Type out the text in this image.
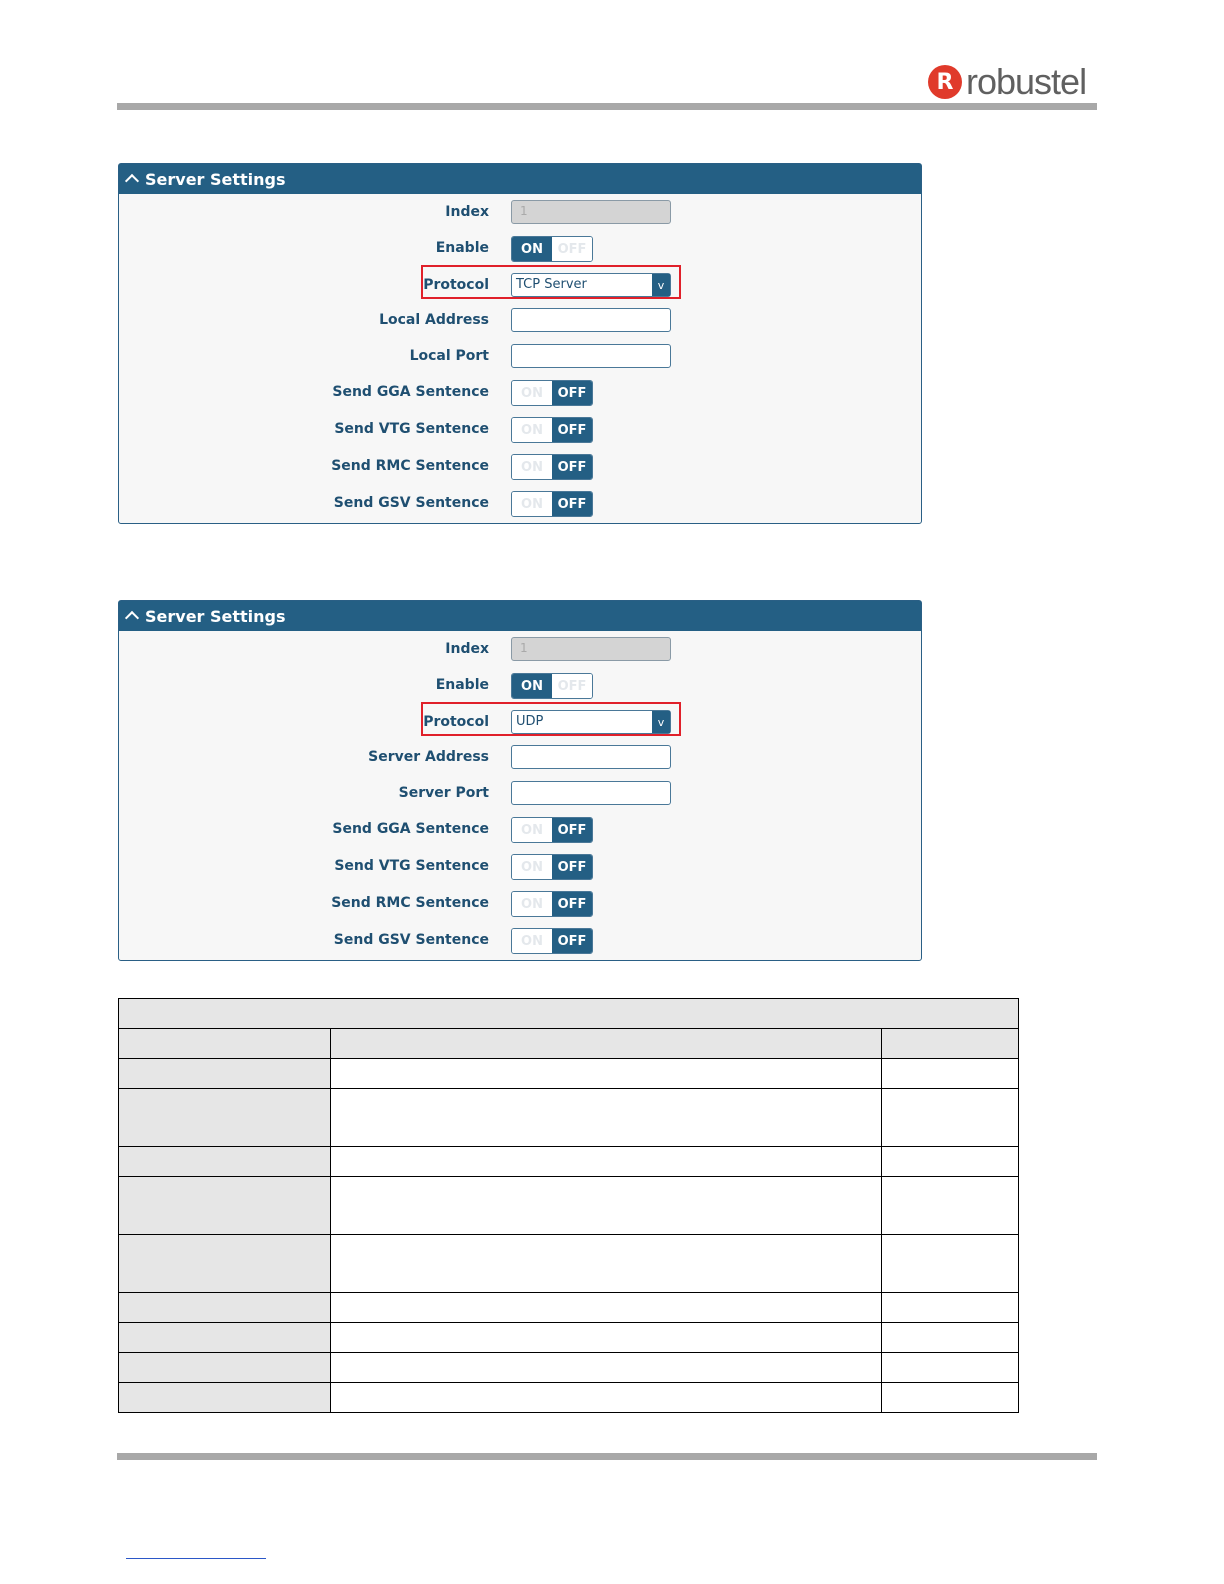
R robustel
Server Settings
Index	1
Enable	ON	OFF
Protocol	TCP Server	v
Local Address
Local Port
Send GGA Sentence	ON	OFF
Send VTG Sentence	ON	OFF
Send RMC Sentence	ON	OFF
Send GSV Sentence	ON	OFF
Server Settings
Index	1
Enable	ON	OFF
Protocol	UDP	v
Server Address
Server Port
Send GGA Sentence	ON	OFF
Send VTG Sentence	ON	OFF
Send RMC Sentence	ON	OFF
Send GSV Sentence	ON	OFF
